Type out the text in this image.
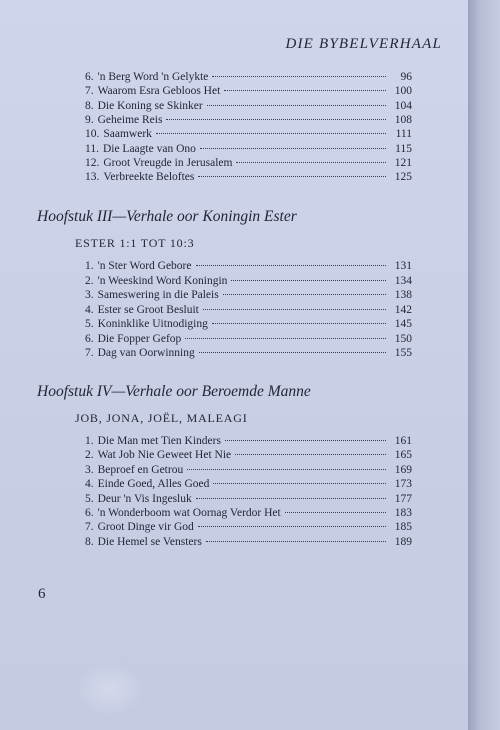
DIE BYBELVERHAAL
6. 'n Berg Word 'n Gelykte	96
7. Waarom Esra Gebloos Het	100
8. Die Koning se Skinker	104
9. Geheime Reis	108
10. Saamwerk	111
11. Die Laagte van Ono	115
12. Groot Vreugde in Jerusalem	121
13. Verbreekte Beloftes	125
Hoofstuk III—Verhale oor Koningin Ester
ESTER 1:1 TOT 10:3
1. 'n Ster Word Gebore	131
2. 'n Weeskind Word Koningin	134
3. Sameswering in die Paleis	138
4. Ester se Groot Besluit	142
5. Koninklike Uitnodiging	145
6. Die Fopper Gefop	150
7. Dag van Oorwinning	155
Hoofstuk IV—Verhale oor Beroemde Manne
JOB, JONA, JOËL, MALEAGI
1. Die Man met Tien Kinders	161
2. Wat Job Nie Geweet Het Nie	165
3. Beproef en Getrou	169
4. Einde Goed, Alles Goed	173
5. Deur 'n Vis Ingesluk	177
6. 'n Wonderboom wat Oornag Verdor Het	183
7. Groot Dinge vir God	185
8. Die Hemel se Vensters	189
6
